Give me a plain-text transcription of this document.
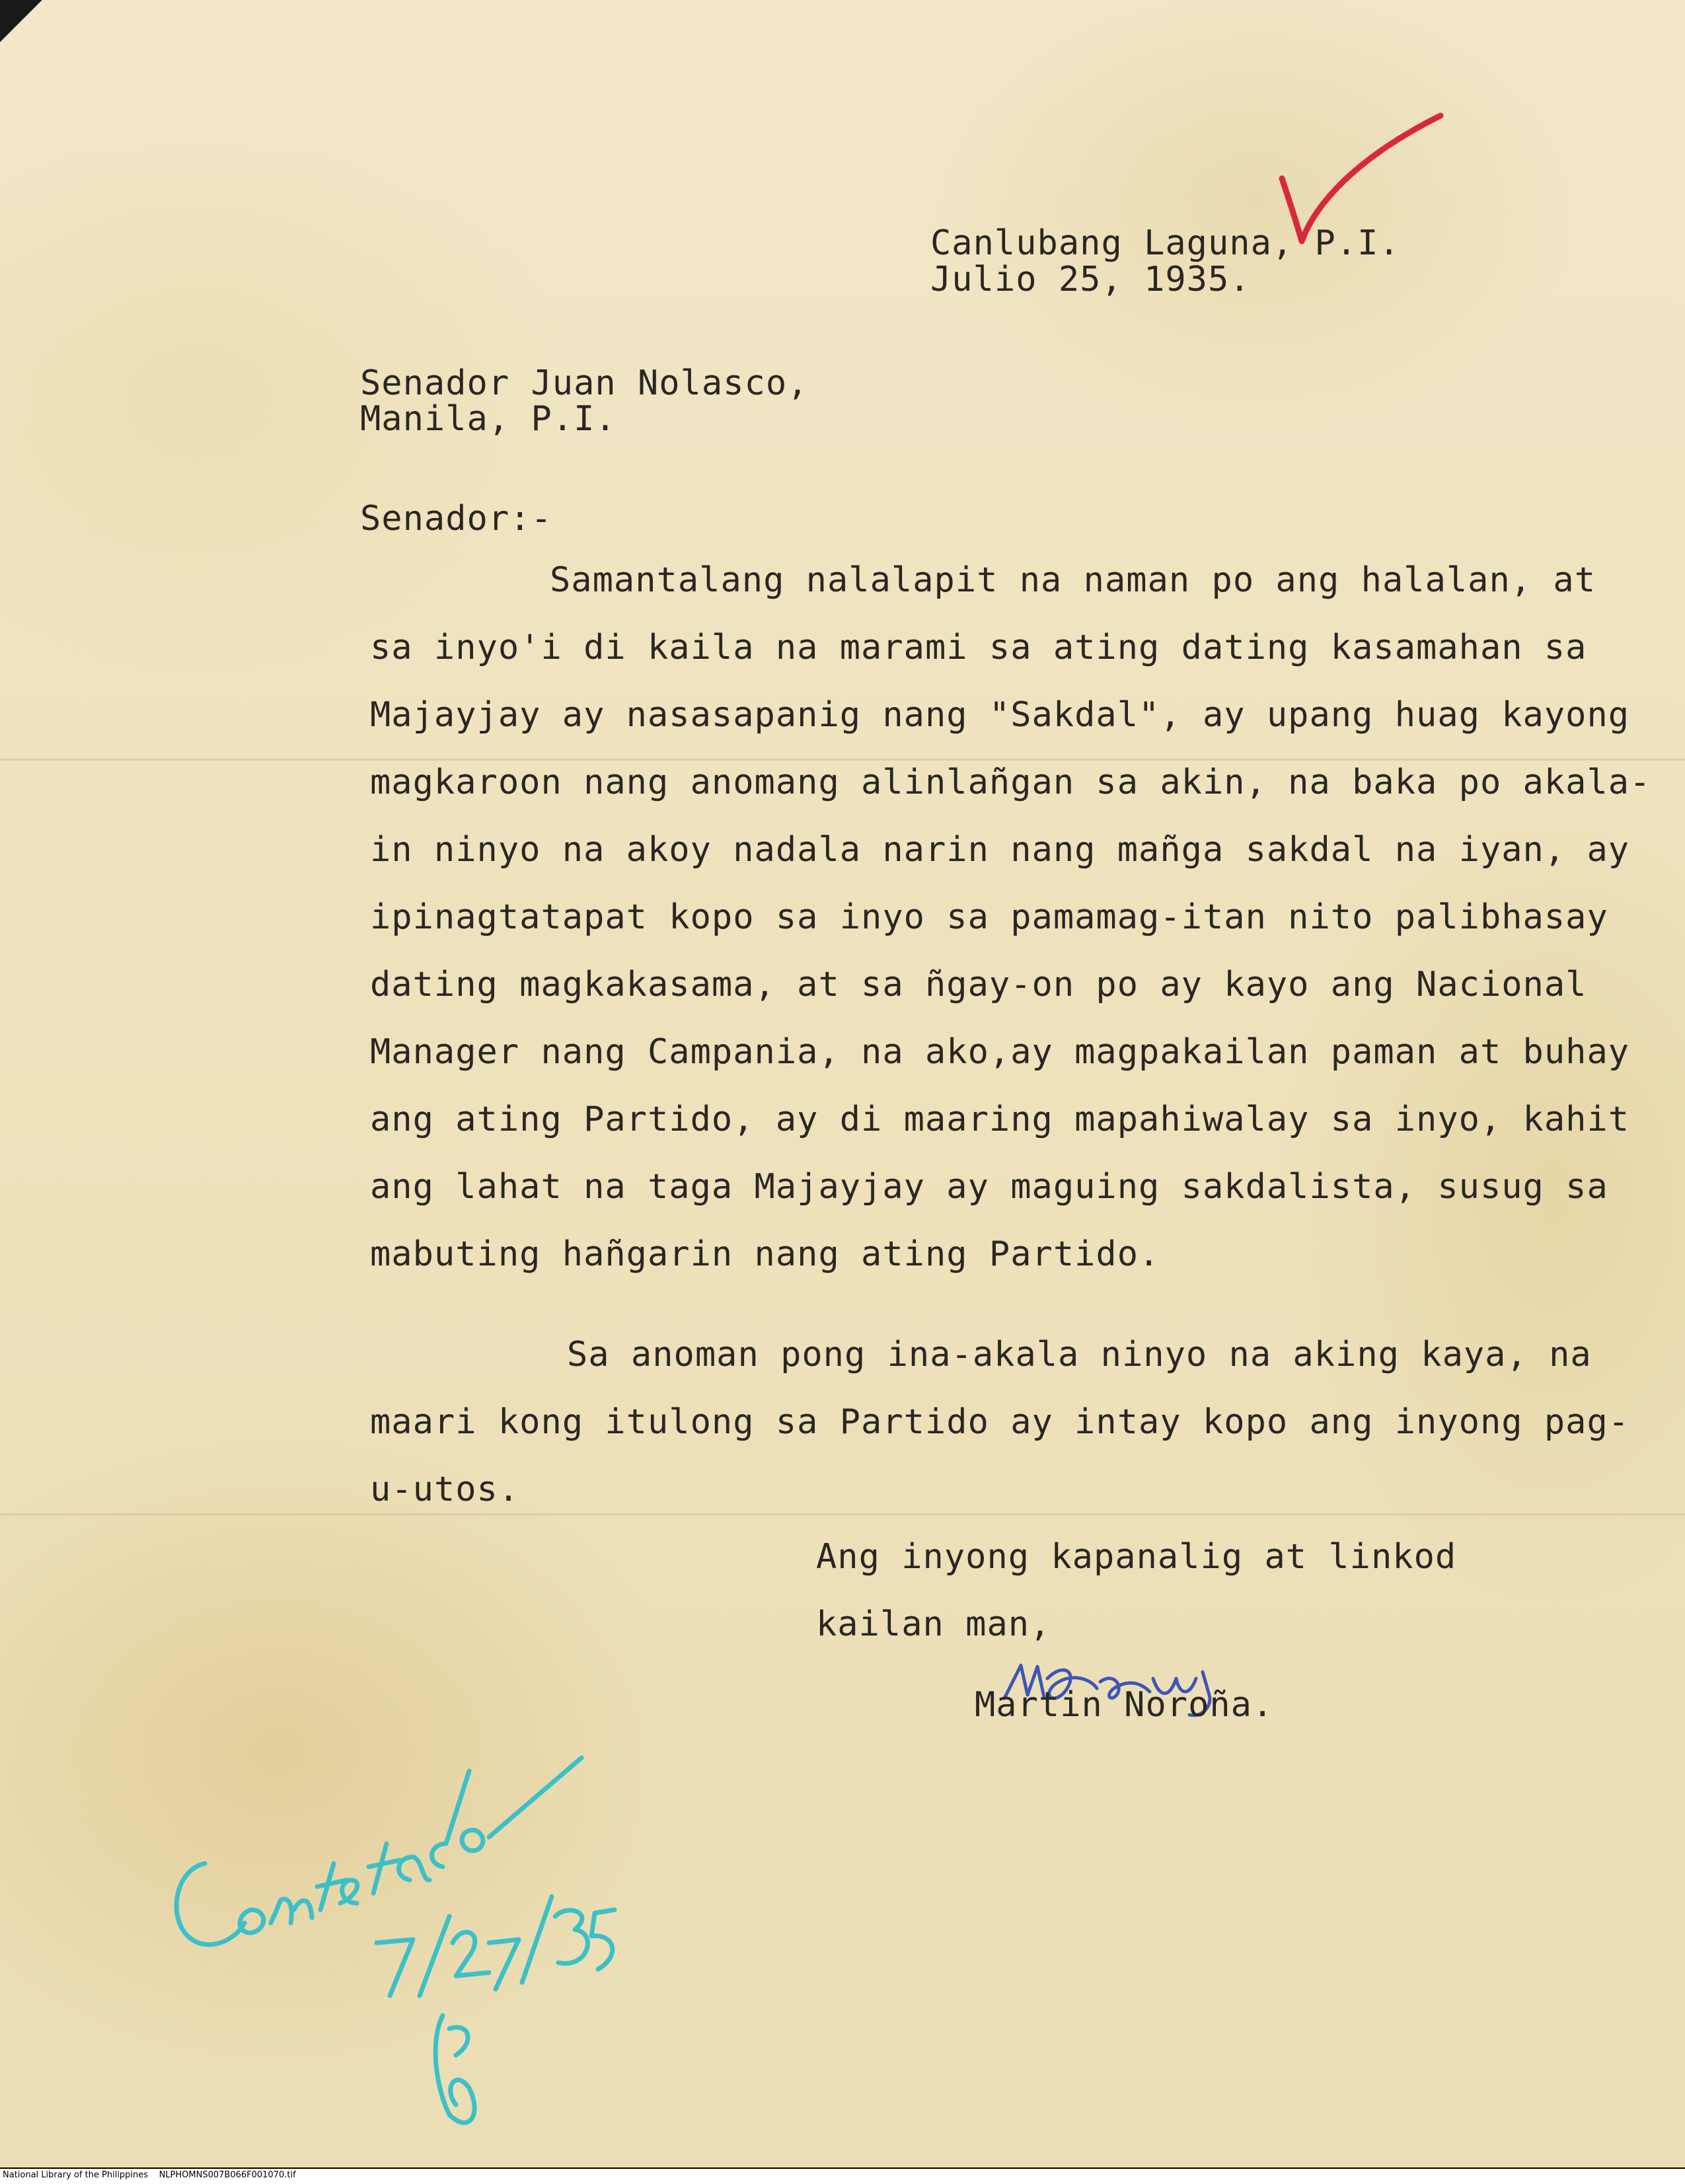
Canlubang Laguna, P.I.

Julio 25, 1935.

Senador Juan Nolasco,

Manila, P.I.

Senador:-

Samantalang nalalapit na naman po ang halalan, at

sa inyo'i di kaila na marami sa ating dating kasamahan sa

Majayjay ay nasasapanig nang "Sakdal", ay upang huag kayong

magkaroon nang anomang alinlañgan sa akin, na baka po akala-

in ninyo na akoy nadala narin nang mañga sakdal na iyan, ay

ipinagtatapat kopo sa inyo sa pamamag-itan nito palibhasay

dating magkakasama, at sa ñgay-on po ay kayo ang Nacional

Manager nang Campania, na ako,ay magpakailan paman at buhay

ang ating Partido, ay di maaring mapahiwalay sa inyo, kahit

ang lahat na taga Majayjay ay maguing sakdalista, susug sa

mabuting hañgarin nang ating Partido.

Sa anoman pong ina-akala ninyo na aking kaya, na

maari kong itulong sa Partido ay intay kopo ang inyong pag-

u-utos.

Ang inyong kapanalig at linkod

kailan man,

Martin Noroña.

National Library of the Philippines    NLPHOMNS007B066F001070.tif
